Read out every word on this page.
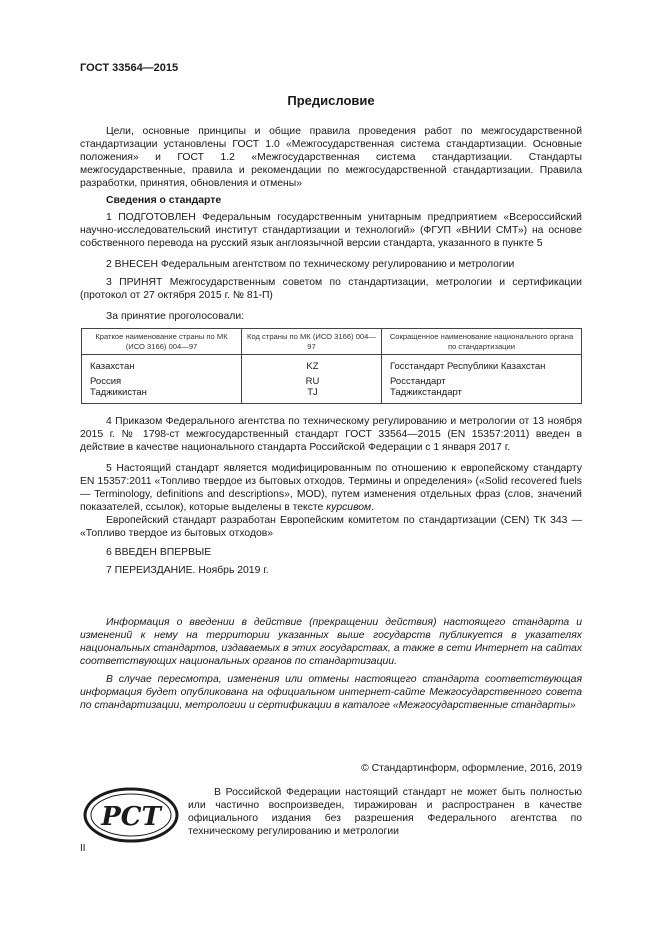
ГОСТ 33564—2015
Предисловие
Цели, основные принципы и общие правила проведения работ по межгосударственной стандартизации установлены ГОСТ 1.0 «Межгосударственная система стандартизации. Основные положения» и ГОСТ 1.2 «Межгосударственная система стандартизации. Стандарты межгосударственные, правила и рекомендации по межгосударственной стандартизации. Правила разработки, принятия, обновления и отмены»
Сведения о стандарте
1 ПОДГОТОВЛЕН Федеральным государственным унитарным предприятием «Всероссийский научно-исследовательский институт стандартизации и технологий» (ФГУП «ВНИИ СМТ») на основе собственного перевода на русский язык англоязычной версии стандарта, указанного в пункте 5
2 ВНЕСЕН Федеральным агентством по техническому регулированию и метрологии
3 ПРИНЯТ Межгосударственным советом по стандартизации, метрологии и сертификации (протокол от 27 октября 2015 г. № 81-П)
За принятие проголосовали:
Краткое наименование страны по МК (ИСО 3166) 004—97	Код страны по МК (ИСО 3166) 004—97	Сокращенное наименование национального органа по стандартизации
Казахстан	KZ	Госстандарт Республики Казахстан
Россия	RU	Росстандарт
Таджикистан	TJ	Таджикстандарт
4 Приказом Федерального агентства по техническому регулированию и метрологии от 13 ноября 2015 г. № 1798-ст межгосударственный стандарт ГОСТ 33564—2015 (EN 15357:2011) введен в действие в качестве национального стандарта Российской Федерации с 1 января 2017 г.
5 Настоящий стандарт является модифицированным по отношению к европейскому стандарту EN 15357:2011 «Топливо твердое из бытовых отходов. Термины и определения» («Solid recovered fuels — Terminology, definitions and descriptions», MOD), путем изменения отдельных фраз (слов, значений показателей, ссылок), которые выделены в тексте курсивом.
Европейский стандарт разработан Европейским комитетом по стандартизации (CEN) ТК 343 — «Топливо твердое из бытовых отходов»
6 ВВЕДЕН ВПЕРВЫЕ
7 ПЕРЕИЗДАНИЕ. Ноябрь 2019 г.
Информация о введении в действие (прекращении действия) настоящего стандарта и изменений к нему на территории указанных выше государств публикуется в указателях национальных стандартов, издаваемых в этих государствах, а также в сети Интернет на сайтах соответствующих национальных органов по стандартизации.
В случае пересмотра, изменения или отмены настоящего стандарта соответствующая информация будет опубликована на официальном интернет-сайте Межгосударственного совета по стандартизации, метрологии и сертификации в каталоге «Межгосударственные стандарты»
© Стандартинформ, оформление, 2016, 2019
РСТ
В Российской Федерации настоящий стандарт не может быть полностью или частично воспроизведен, тиражирован и распространен в качестве официального издания без разрешения Федерального агентства по техническому регулированию и метрологии
II
